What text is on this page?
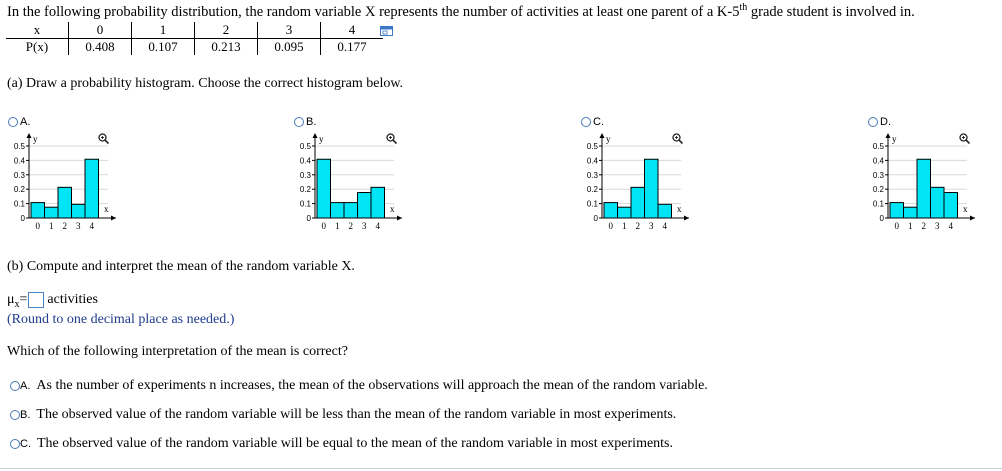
In the following probability distribution, the random variable X represents the number of activities at least one parent of a K-5th grade student is involved in.
x	0	1	2	3	4
P(x)	0.408	0.107	0.213	0.095	0.177
(a) Draw a probability histogram. Choose the correct histogram below.
A.	B.	C.	D.
0.5
0.4
0.3
0.2
0.1
0
y
x
0 1 2 3 4
0.5
0.4
0.3
0.2
0.1
0
y
x
0 1 2 3 4
0.5
0.4
0.3
0.2
0.1
0
y
x
0 1 2 3 4
0.5
0.4
0.3
0.2
0.1
0
y
x
0 1 2 3 4
(b) Compute and interpret the mean of the random variable X.
$\mu_x=$ activities
(Round to one decimal place as needed.)
Which of the following interpretation of the mean is correct?
A. As the number of experiments n increases, the mean of the observations will approach the mean of the random variable.
B. The observed value of the random variable will be less than the mean of the random variable in most experiments.
C. The observed value of the random variable will be equal to the mean of the random variable in most experiments.
